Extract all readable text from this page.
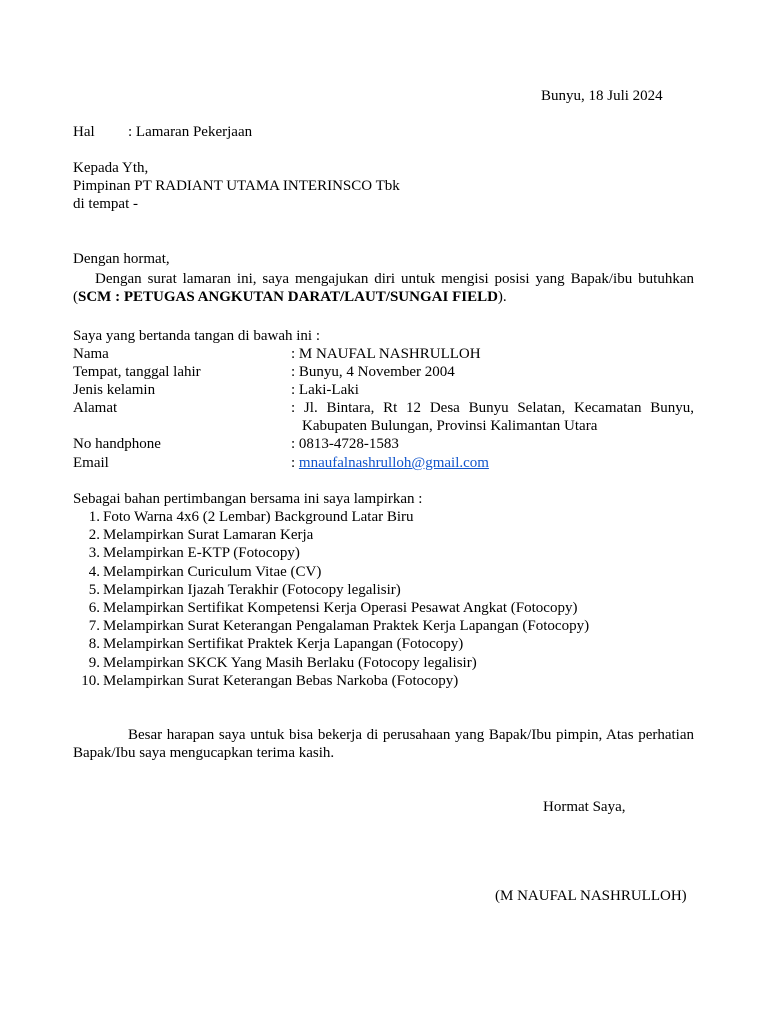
Bunyu, 18 Juli 2024
Hal : Lamaran Pekerjaan
Kepada Yth,
Pimpinan PT RADIANT UTAMA INTERINSCO Tbk
di tempat -
Dengan hormat,
Dengan surat lamaran ini, saya mengajukan diri untuk mengisi posisi yang Bapak/ibu butuhkan (SCM : PETUGAS ANGKUTAN DARAT/LAUT/SUNGAI FIELD).
Saya yang bertanda tangan di bawah ini :
Nama	: M NAUFAL NASHRULLOH
Tempat, tanggal lahir	: Bunyu, 4 November 2004
Jenis kelamin	: Laki-Laki
Alamat	: Jl. Bintara, Rt 12 Desa Bunyu Selatan, Kecamatan Bunyu,
Kabupaten Bulungan, Provinsi Kalimantan Utara
No handphone	: 0813-4728-1583
Email	: mnaufalnashrulloh@gmail.com
Sebagai bahan pertimbangan bersama ini saya lampirkan :
1. Foto Warna 4x6 (2 Lembar) Background Latar Biru
2. Melampirkan Surat Lamaran Kerja
3. Melampirkan E-KTP (Fotocopy)
4. Melampirkan Curiculum Vitae (CV)
5. Melampirkan Ijazah Terakhir (Fotocopy legalisir)
6. Melampirkan Sertifikat Kompetensi Kerja Operasi Pesawat Angkat (Fotocopy)
7. Melampirkan Surat Keterangan Pengalaman Praktek Kerja Lapangan (Fotocopy)
8. Melampirkan Sertifikat Praktek Kerja Lapangan (Fotocopy)
9. Melampirkan SKCK Yang Masih Berlaku (Fotocopy legalisir)
10. Melampirkan Surat Keterangan Bebas Narkoba (Fotocopy)
Besar harapan saya untuk bisa bekerja di perusahaan yang Bapak/Ibu pimpin, Atas perhatian Bapak/Ibu saya mengucapkan terima kasih.
Hormat Saya,
(M NAUFAL NASHRULLOH)
